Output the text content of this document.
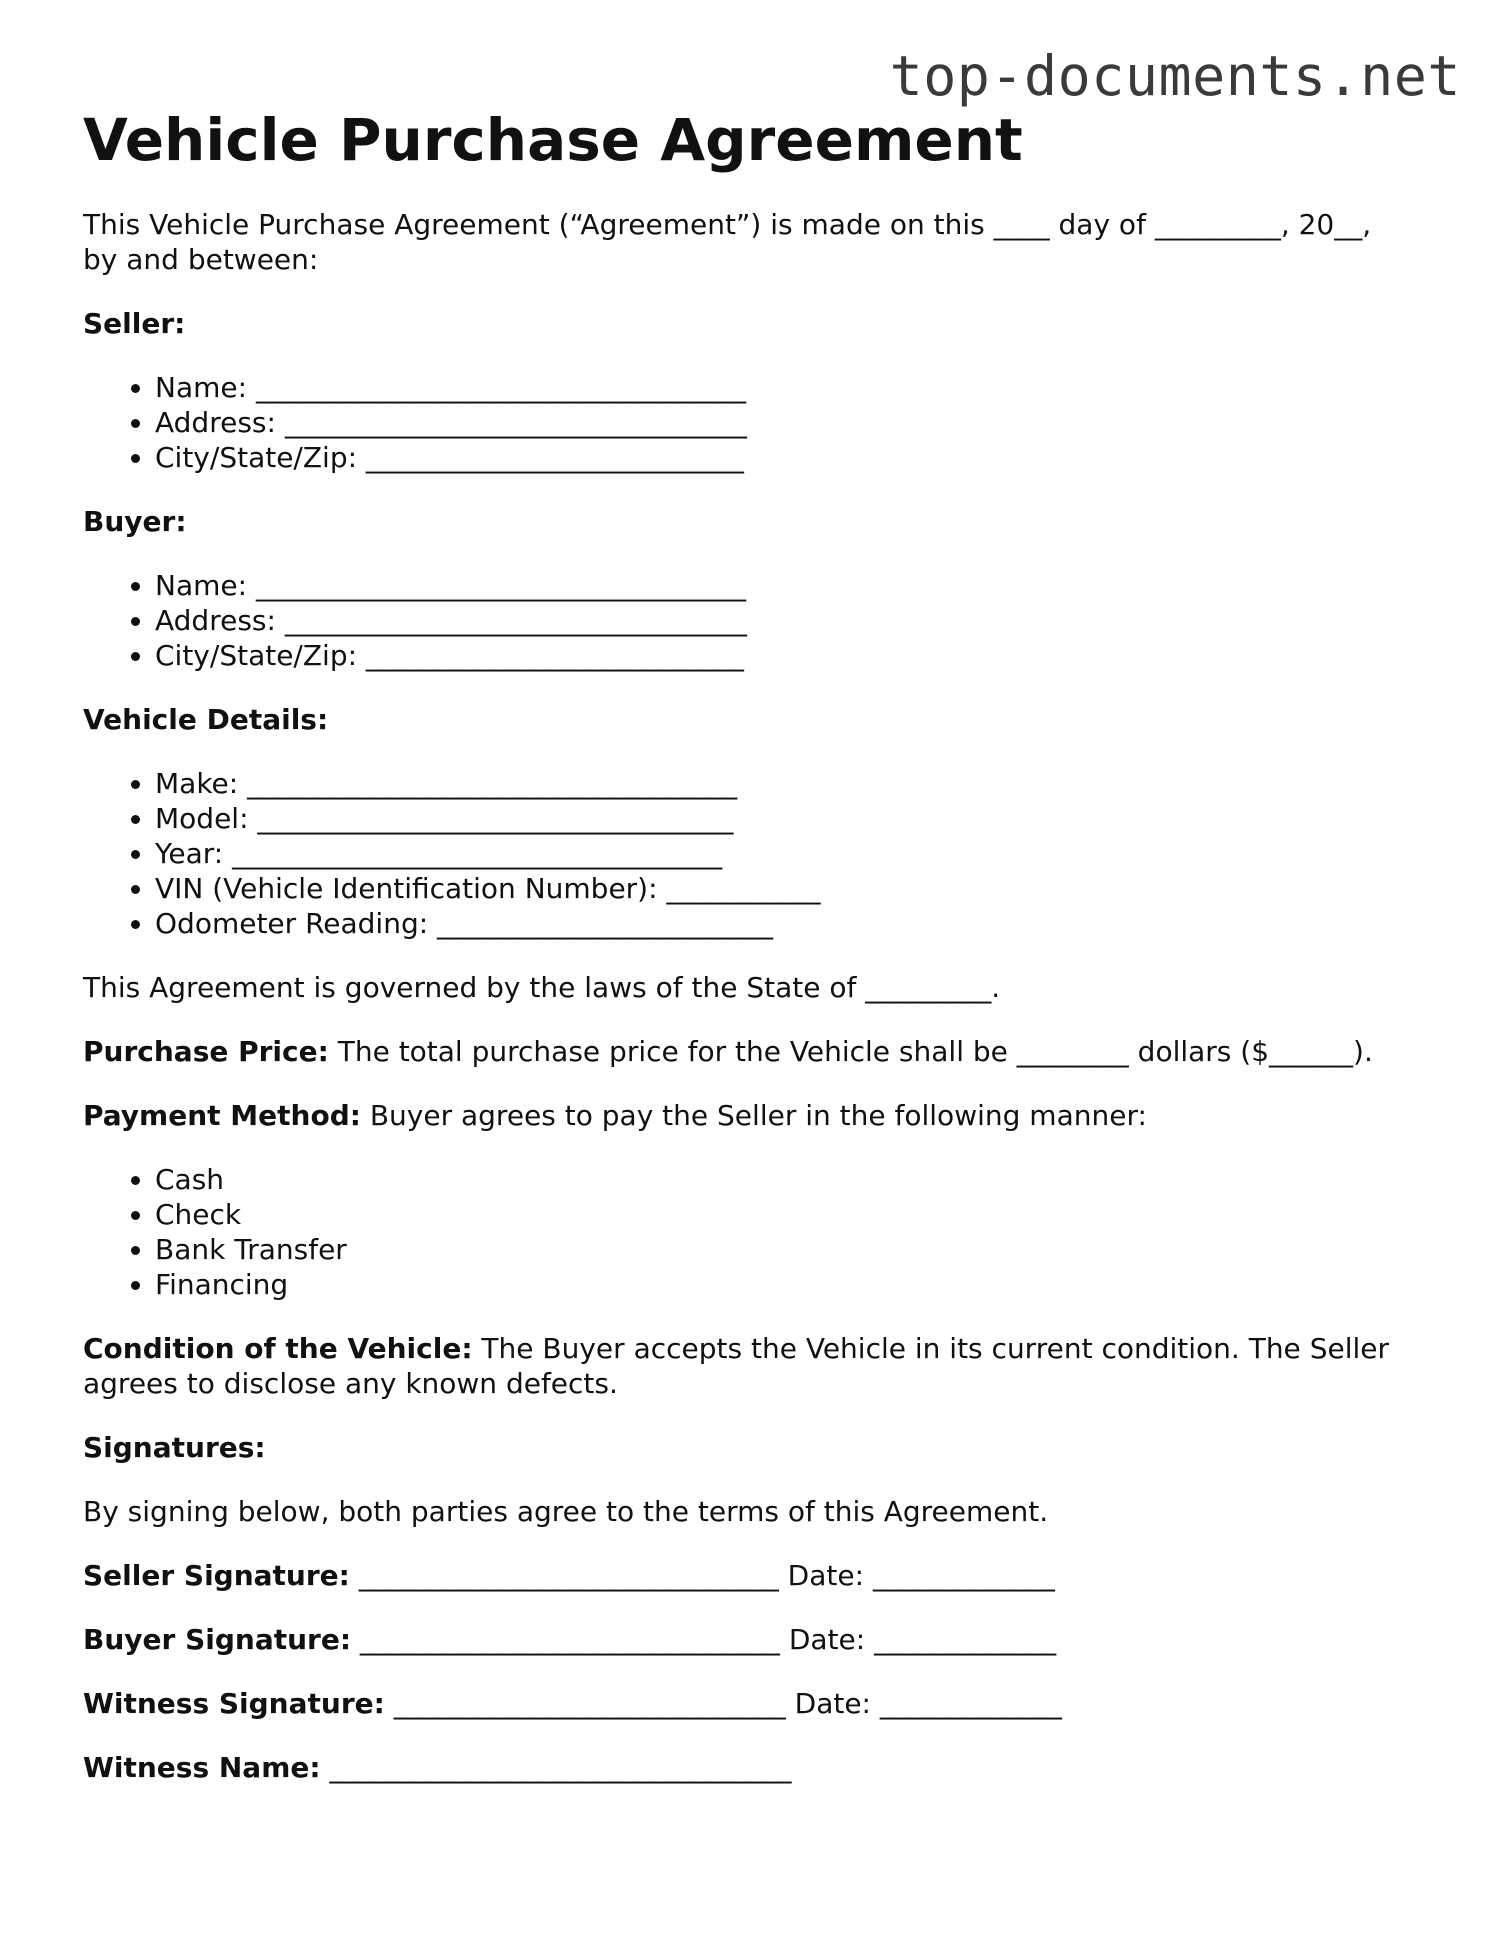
top-documents.net
Vehicle Purchase Agreement

This Vehicle Purchase Agreement (“Agreement”) is made on this ____ day of _________, 20__, by and between:

Seller:

• Name: ___________________________________
• Address: _________________________________
• City/State/Zip: ___________________________

Buyer:

• Name: ___________________________________
• Address: _________________________________
• City/State/Zip: ___________________________

Vehicle Details:

• Make: ___________________________________
• Model: __________________________________
• Year: ___________________________________
• VIN (Vehicle Identification Number): ___________
• Odometer Reading: ________________________

This Agreement is governed by the laws of the State of _________.

Purchase Price: The total purchase price for the Vehicle shall be ________ dollars ($______).

Payment Method: Buyer agrees to pay the Seller in the following manner:

• Cash
• Check
• Bank Transfer
• Financing

Condition of the Vehicle: The Buyer accepts the Vehicle in its current condition. The Seller agrees to disclose any known defects.

Signatures:

By signing below, both parties agree to the terms of this Agreement.

Seller Signature: ______________________________ Date: _____________

Buyer Signature: ______________________________ Date: _____________

Witness Signature: ____________________________ Date: _____________

Witness Name: _________________________________
